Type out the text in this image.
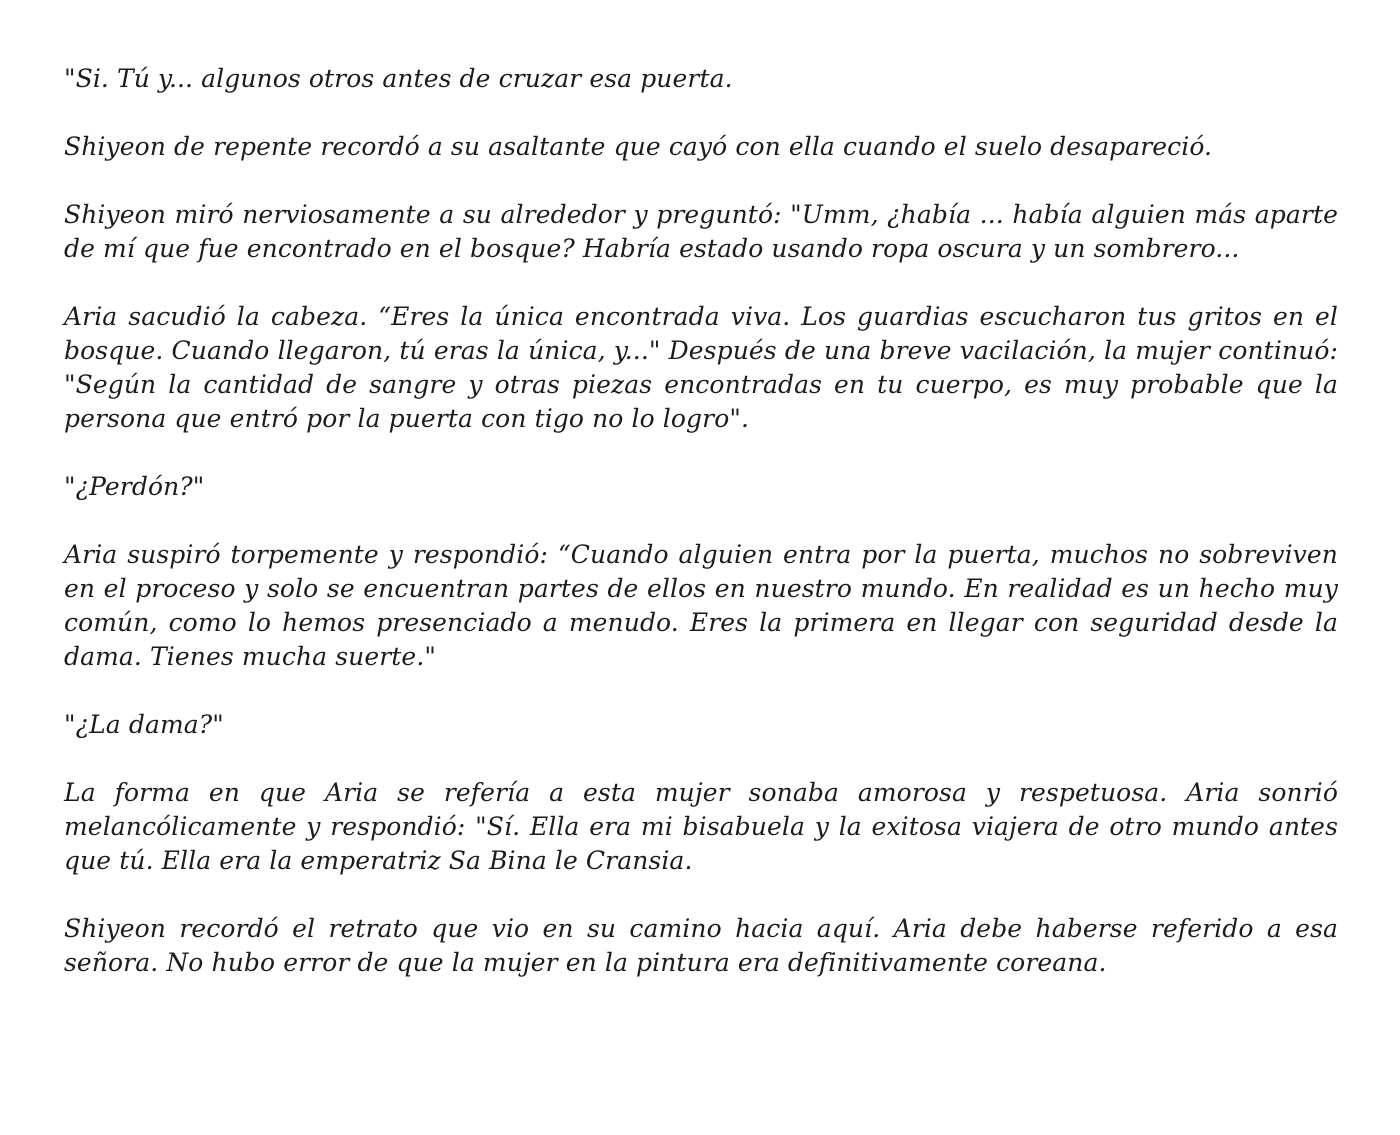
"Si. Tú y... algunos otros antes de cruzar esa puerta.

Shiyeon de repente recordó a su asaltante que cayó con ella cuando el suelo desapareció.

Shiyeon miró nerviosamente a su alrededor y preguntó: "Umm, ¿había ... había alguien más aparte de mí que fue encontrado en el bosque? Habría estado usando ropa oscura y un sombrero...

Aria sacudió la cabeza. “Eres la única encontrada viva. Los guardias escucharon tus gritos en el bosque. Cuando llegaron, tú eras la única, y..." Después de una breve vacilación, la mujer continuó: "Según la cantidad de sangre y otras piezas encontradas en tu cuerpo, es muy probable que la persona que entró por la puerta con tigo no lo logro".

"¿Perdón?"

Aria suspiró torpemente y respondió: “Cuando alguien entra por la puerta, muchos no sobreviven en el proceso y solo se encuentran partes de ellos en nuestro mundo. En realidad es un hecho muy común, como lo hemos presenciado a menudo. Eres la primera en llegar con seguridad desde la dama. Tienes mucha suerte."

"¿La dama?"

La forma en que Aria se refería a esta mujer sonaba amorosa y respetuosa. Aria sonrió melancólicamente y respondió: "Sí. Ella era mi bisabuela y la exitosa viajera de otro mundo antes que tú. Ella era la emperatriz Sa Bina le Cransia.

Shiyeon recordó el retrato que vio en su camino hacia aquí. Aria debe haberse referido a esa señora. No hubo error de que la mujer en la pintura era definitivamente coreana.
